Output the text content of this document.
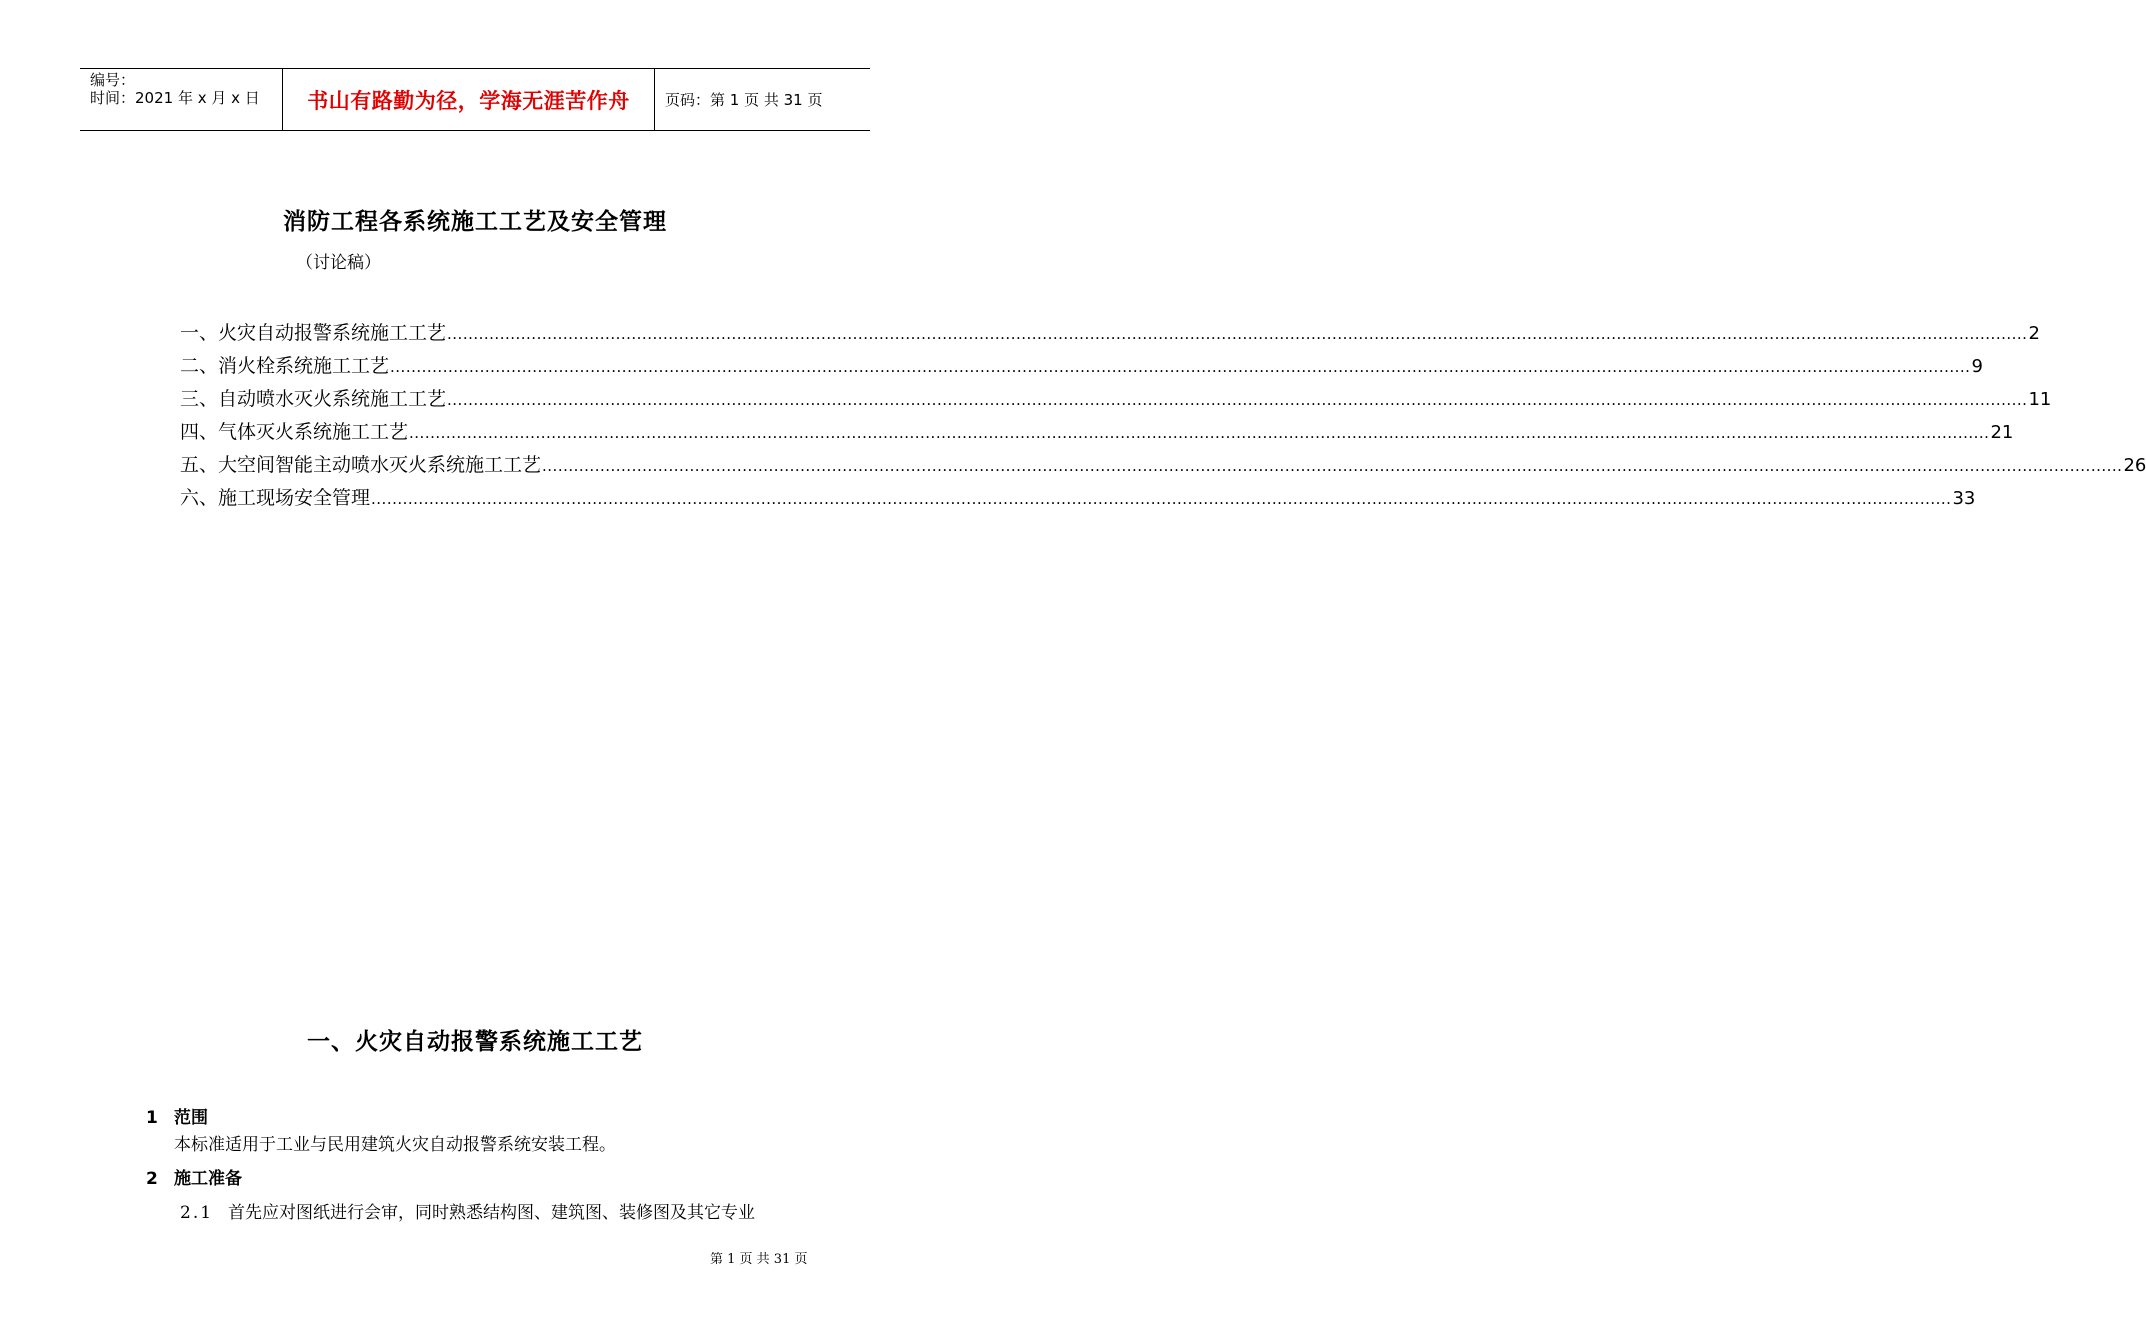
编号：
时间：2021 年 x 月 x 日	书山有路勤为径，学海无涯苦作舟	页码：第 1 页 共 31 页
消防工程各系统施工工艺及安全管理
（讨论稿）
一、火灾自动报警系统施工工艺 ............................................................................................................................................................................................................................................................................................................ 2
二、消火栓系统施工工艺 ............................................................................................................................................................................................................................................................................................................ 9
三、自动喷水灭火系统施工工艺 ............................................................................................................................................................................................................................................................................................................ 11
四、气体灭火系统施工工艺 ............................................................................................................................................................................................................................................................................................................ 21
五、大空间智能主动喷水灭火系统施工工艺 ............................................................................................................................................................................................................................................................................................................ 26
六、施工现场安全管理 ............................................................................................................................................................................................................................................................................................................ 33
一、火灾自动报警系统施工工艺
1 范围
本标准适用于工业与民用建筑火灾自动报警系统安装工程。
2 施工准备
2.1 首先应对图纸进行会审，同时熟悉结构图、建筑图、装修图及其它专业
第 1 页 共 31 页
